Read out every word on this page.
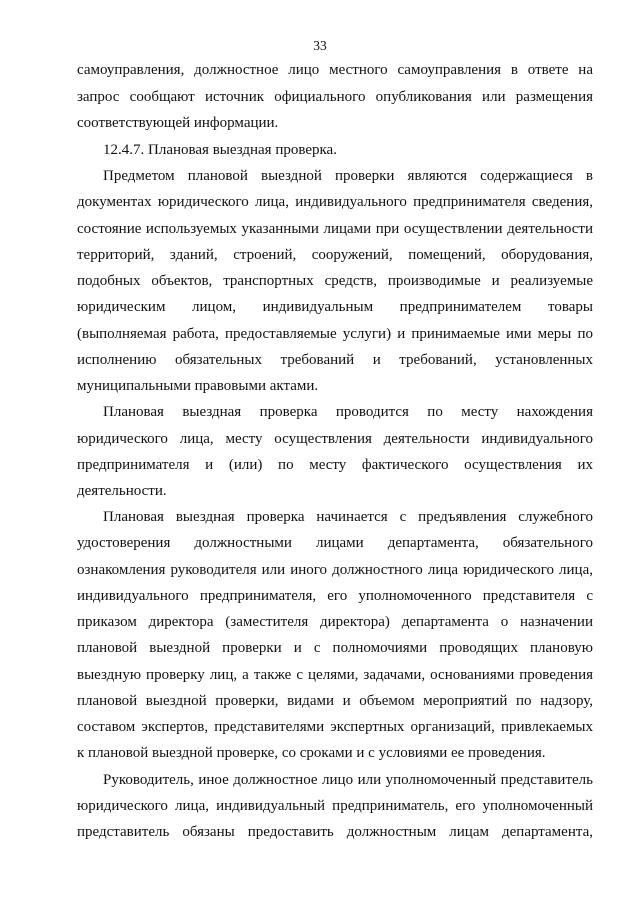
33
самоуправления, должностное лицо местного самоуправления в ответе на
запрос сообщают источник официального опубликования или размещения
соответствующей информации.
12.4.7. Плановая выездная проверка.
Предметом плановой выездной проверки являются содержащиеся в
документах юридического лица, индивидуального предпринимателя сведения,
состояние используемых указанными лицами при осуществлении деятельности
территорий, зданий, строений, сооружений, помещений, оборудования,
подобных объектов, транспортных средств, производимые и реализуемые
юридическим лицом, индивидуальным предпринимателем товары
(выполняемая работа, предоставляемые услуги) и принимаемые ими меры по
исполнению обязательных требований и требований, установленных
муниципальными правовыми актами.
Плановая выездная проверка проводится по месту нахождения
юридического лица, месту осуществления деятельности индивидуального
предпринимателя и (или) по месту фактического осуществления их
деятельности.
Плановая выездная проверка начинается с предъявления служебного
удостоверения должностными лицами департамента, обязательного
ознакомления руководителя или иного должностного лица юридического лица,
индивидуального предпринимателя, его уполномоченного представителя с
приказом директора (заместителя директора) департамента о назначении
плановой выездной проверки и с полномочиями проводящих плановую
выездную проверку лиц, а также с целями, задачами, основаниями проведения
плановой выездной проверки, видами и объемом мероприятий по надзору,
составом экспертов, представителями экспертных организаций, привлекаемых
к плановой выездной проверке, со сроками и с условиями ее проведения.
Руководитель, иное должностное лицо или уполномоченный представитель
юридического лица, индивидуальный предприниматель, его уполномоченный
представитель обязаны предоставить должностным лицам департамента,
